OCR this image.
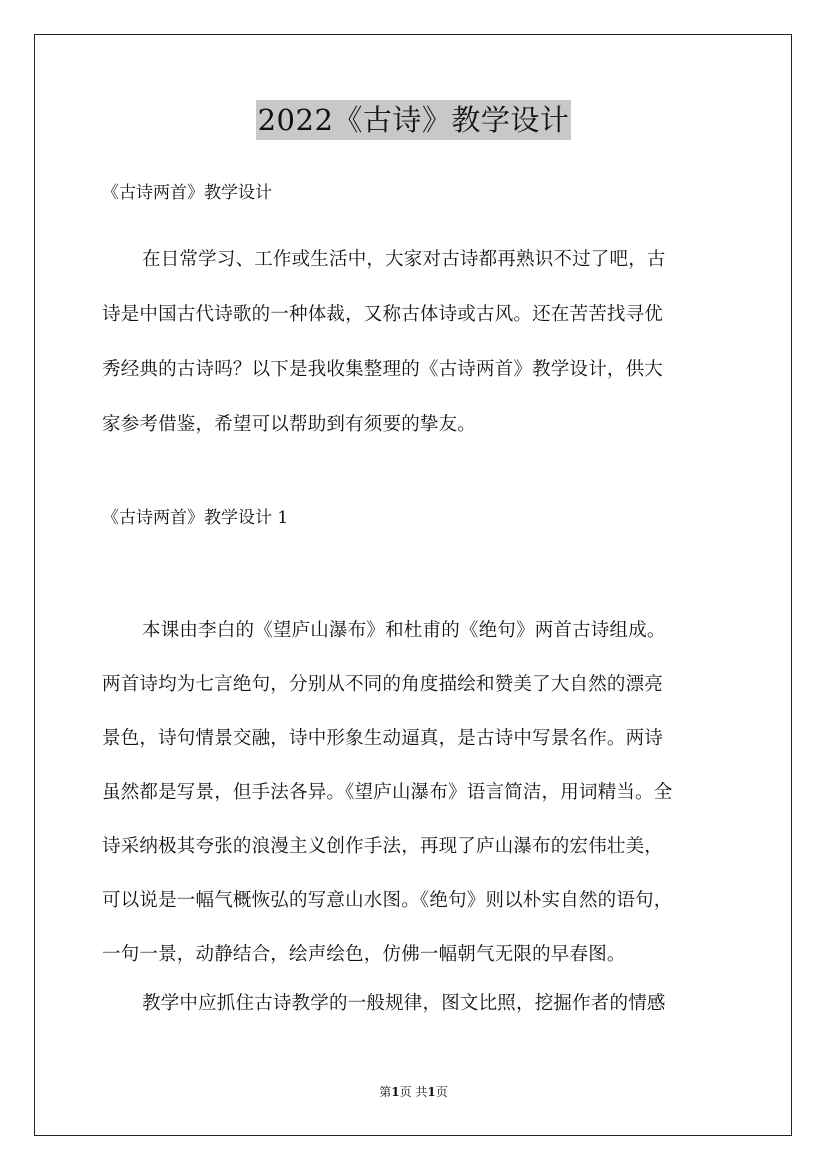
2022《古诗》教学设计
《古诗两首》教学设计
在日常学习、工作或生活中，大家对古诗都再熟识不过了吧，古
诗是中国古代诗歌的一种体裁，又称古体诗或古风。还在苦苦找寻优
秀经典的古诗吗？以下是我收集整理的《古诗两首》教学设计，供大
家参考借鉴，希望可以帮助到有须要的挚友。
《古诗两首》教学设计 1
本课由李白的《望庐山瀑布》和杜甫的《绝句》两首古诗组成。
两首诗均为七言绝句，分别从不同的角度描绘和赞美了大自然的漂亮
景色，诗句情景交融，诗中形象生动逼真，是古诗中写景名作。两诗
虽然都是写景，但手法各异。《望庐山瀑布》语言简洁，用词精当。全
诗采纳极其夸张的浪漫主义创作手法，再现了庐山瀑布的宏伟壮美，
可以说是一幅气概恢弘的写意山水图。《绝句》则以朴实自然的语句，
一句一景，动静结合，绘声绘色，仿佛一幅朝气无限的早春图。
教学中应抓住古诗教学的一般规律，图文比照，挖掘作者的情感
第1页 共1页
